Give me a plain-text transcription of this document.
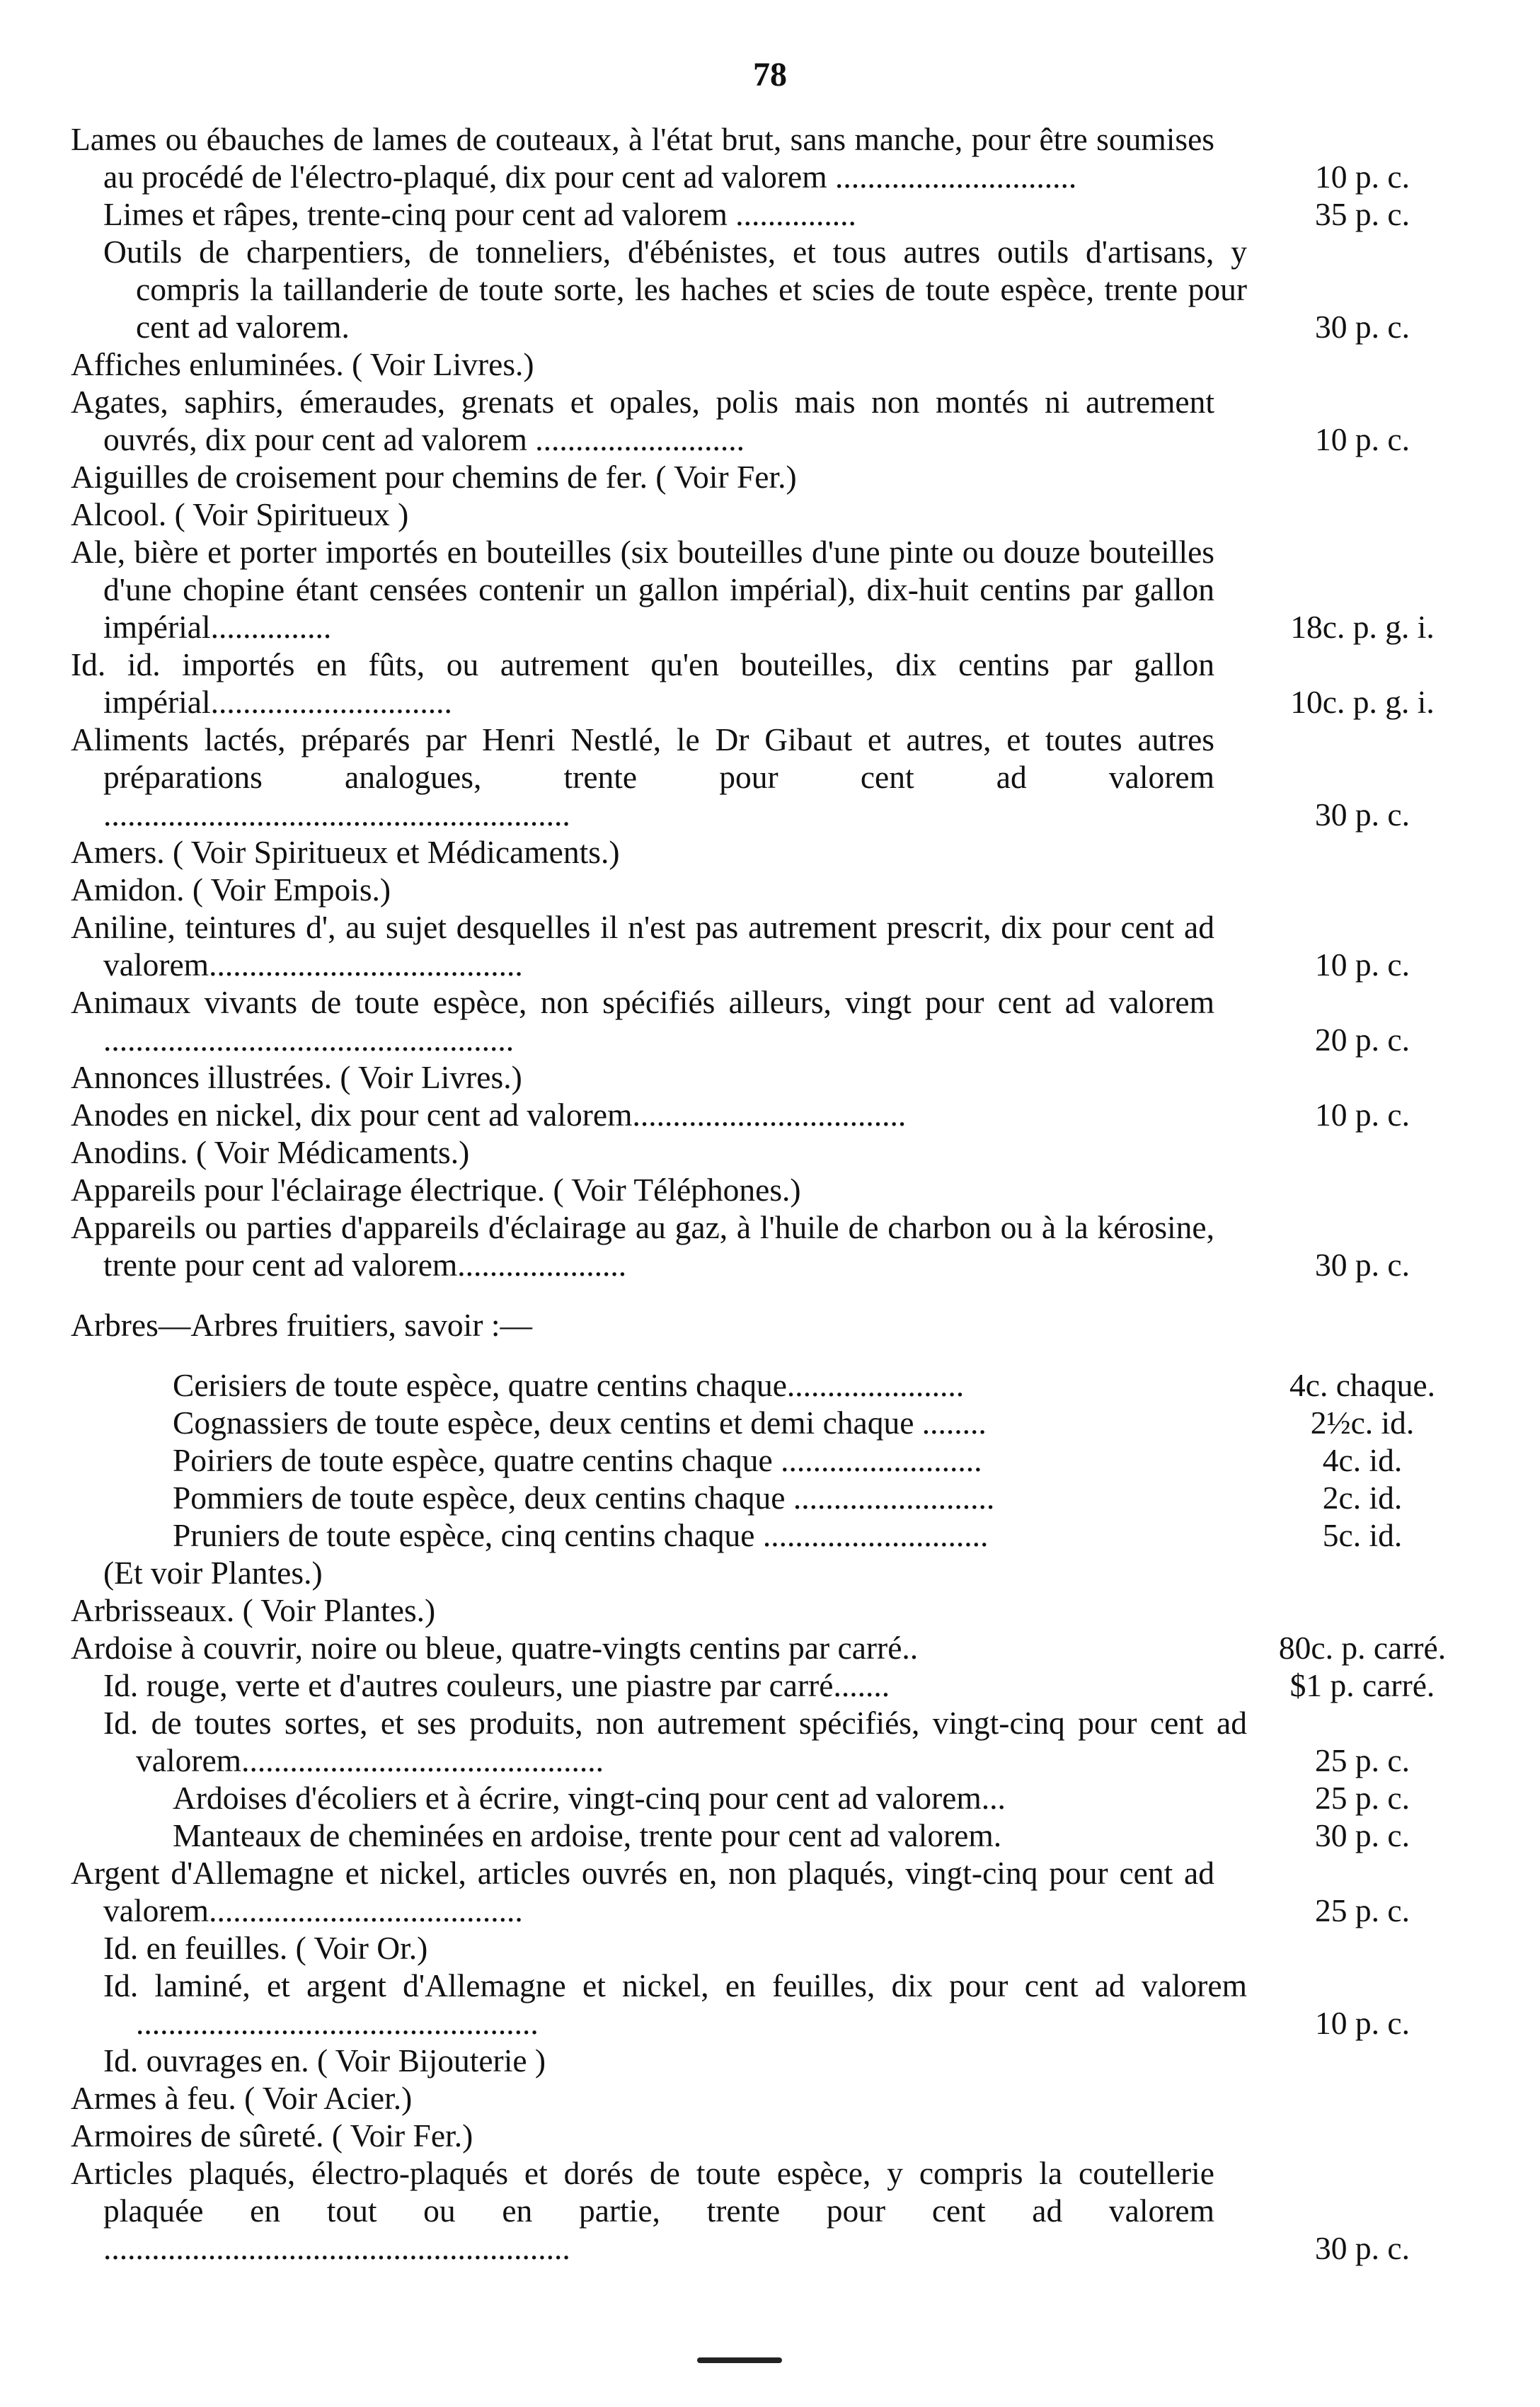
78
Lames ou ébauches de lames de couteaux, à l'état brut, sans manche, pour être soumises au procédé de l'électro-plaqué, dix pour cent ad valorem ..............................	10 p. c.
Limes et râpes, trente-cinq pour cent ad valorem ...............	35 p. c.
Outils de charpentiers, de tonneliers, d'ébénistes, et tous autres outils d'artisans, y compris la taillanderie de toute sorte, les haches et scies de toute espèce, trente pour cent ad valorem.	30 p. c.
Affiches enluminées. ( Voir Livres.)
Agates, saphirs, émeraudes, grenats et opales, polis mais non montés ni autrement ouvrés, dix pour cent ad valorem ..........................	10 p. c.
Aiguilles de croisement pour chemins de fer. ( Voir Fer.)
Alcool. ( Voir Spiritueux )
Ale, bière et porter importés en bouteilles (six bouteilles d'une pinte ou douze bouteilles d'une chopine étant censées contenir un gallon impérial), dix-huit centins par gallon impérial...............	18c. p. g. i.
Id. id. importés en fûts, ou autrement qu'en bouteilles, dix centins par gallon impérial..............................	10c. p. g. i.
Aliments lactés, préparés par Henri Nestlé, le Dr Gibaut et autres, et toutes autres préparations analogues, trente pour cent ad valorem ..........................................................	30 p. c.
Amers. ( Voir Spiritueux et Médicaments.)
Amidon. ( Voir Empois.)
Aniline, teintures d', au sujet desquelles il n'est pas autrement prescrit, dix pour cent ad valorem.......................................	10 p. c.
Animaux vivants de toute espèce, non spécifiés ailleurs, vingt pour cent ad valorem ...................................................	20 p. c.
Annonces illustrées. ( Voir Livres.)
Anodes en nickel, dix pour cent ad valorem..................................	10 p. c.
Anodins. ( Voir Médicaments.)
Appareils pour l'éclairage électrique. ( Voir Téléphones.)
Appareils ou parties d'appareils d'éclairage au gaz, à l'huile de charbon ou à la kérosine, trente pour cent ad valorem.....................	30 p. c.
Arbres—Arbres fruitiers, savoir :—
Cerisiers de toute espèce, quatre centins chaque......................	4c. chaque.
Cognassiers de toute espèce, deux centins et demi chaque ........	2½c. id.
Poiriers de toute espèce, quatre centins chaque .........................	4c. id.
Pommiers de toute espèce, deux centins chaque .........................	2c. id.
Pruniers de toute espèce, cinq centins chaque ............................	5c. id.
(Et voir Plantes.)
Arbrisseaux. ( Voir Plantes.)
Ardoise à couvrir, noire ou bleue, quatre-vingts centins par carré..	80c. p. carré.
Id. rouge, verte et d'autres couleurs, une piastre par carré.......	$1 p. carré.
Id. de toutes sortes, et ses produits, non autrement spécifiés, vingt-cinq pour cent ad valorem.............................................	25 p. c.
Ardoises d'écoliers et à écrire, vingt-cinq pour cent ad valorem...	25 p. c.
Manteaux de cheminées en ardoise, trente pour cent ad valorem.	30 p. c.
Argent d'Allemagne et nickel, articles ouvrés en, non plaqués, vingt-cinq pour cent ad valorem.......................................	25 p. c.
Id. en feuilles. ( Voir Or.)
Id. laminé, et argent d'Allemagne et nickel, en feuilles, dix pour cent ad valorem ..................................................	10 p. c.
Id. ouvrages en. ( Voir Bijouterie )
Armes à feu. ( Voir Acier.)
Armoires de sûreté. ( Voir Fer.)
Articles plaqués, électro-plaqués et dorés de toute espèce, y compris la coutellerie plaquée en tout ou en partie, trente pour cent ad valorem ..........................................................	30 p. c.
